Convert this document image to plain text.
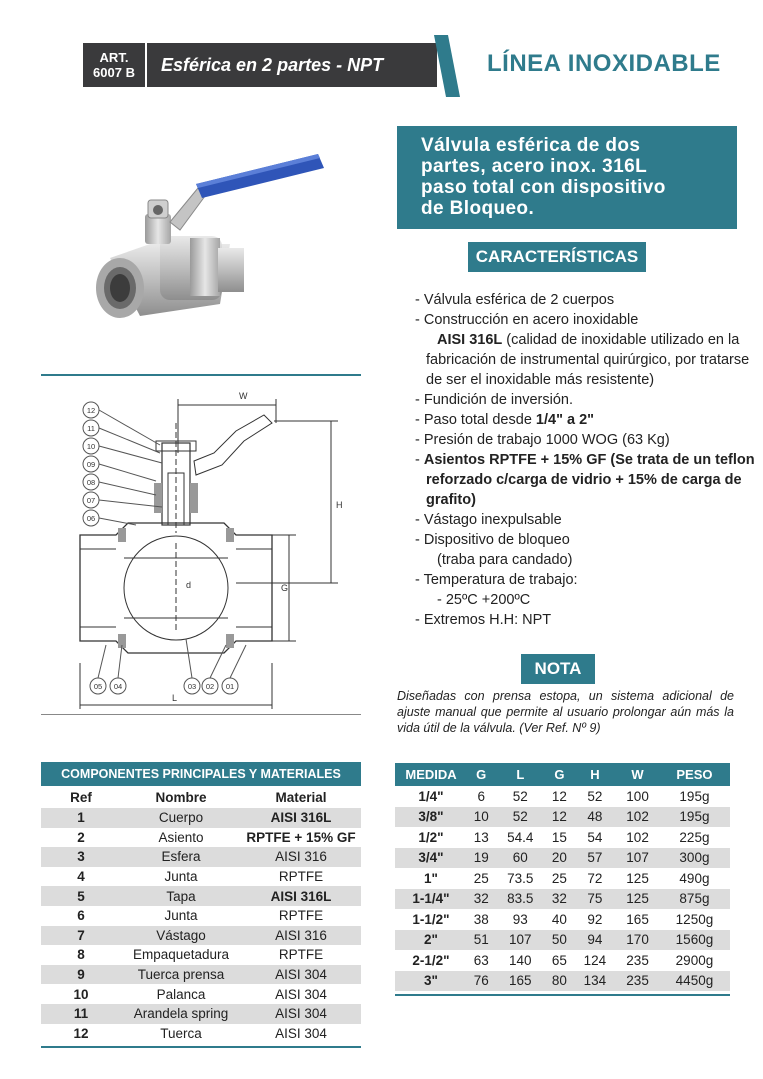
ART.
6007 B	Esférica en 2 partes - NPT	LÍNEA INOXIDABLE
Válvula esférica de dos
partes, acero inox. 316L
paso total con dispositivo
de Bloqueo.
CARACTERÍSTICAS
- Válvula esférica de 2 cuerpos
- Construcción en acero inoxidable
AISI 316L (calidad de inoxidable utilizado en la fabricación de instrumental quirúrgico, por tratarse de ser el inoxidable más resistente)
- Fundición de inversión.
- Paso total desde 1/4" a 2"
- Presión de trabajo 1000 WOG (63 Kg)
- Asientos RPTFE + 15% GF (Se trata de un teflon reforzado c/carga de vidrio + 15% de carga de grafito)
- Vástago inexpulsable
- Dispositivo de bloqueo
(traba para candado)
- Temperatura de trabajo:
- 25ºC +200ºC
- Extremos H.H: NPT
NOTA
Diseñadas con prensa estopa, un sistema adicional de ajuste manual que permite al usuario prolongar aún más la vida útil de la válvula. (Ver Ref. Nº 9)
W
H
G
d
L
12
11
10
09
08
07
06
05 04	03 02 01
COMPONENTES PRINCIPALES Y MATERIALES
Ref	Nombre	Material
1	Cuerpo	AISI 316L
2	Asiento	RPTFE + 15% GF
3	Esfera	AISI 316
4	Junta	RPTFE
5	Tapa	AISI 316L
6	Junta	RPTFE
7	Vástago	AISI 316
8	Empaquetadura	RPTFE
9	Tuerca prensa	AISI 304
10	Palanca	AISI 304
11	Arandela spring	AISI 304
12	Tuerca	AISI 304
MEDIDA	G	L	G	H	W	PESO
1/4"	6	52	12	52	100	195g
3/8"	10	52	12	48	102	195g
1/2"	13	54.4	15	54	102	225g
3/4"	19	60	20	57	107	300g
1"	25	73.5	25	72	125	490g
1-1/4"	32	83.5	32	75	125	875g
1-1/2"	38	93	40	92	165	1250g
2"	51	107	50	94	170	1560g
2-1/2"	63	140	65	124	235	2900g
3"	76	165	80	134	235	4450g
